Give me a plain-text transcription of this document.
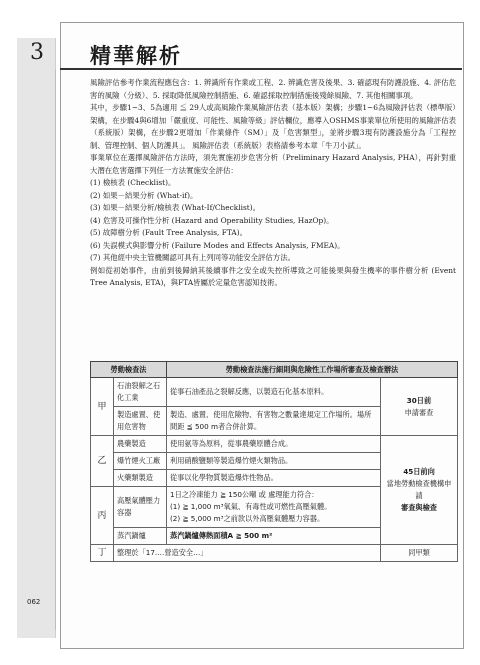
3 精華解析

風險評估參考作業流程應包含：1. 辨識所有作業或工程、2. 辨識危害及後果、3. 確認現有防護設施、4. 評估危害的風險（分級）、5. 採取降低風險控制措施、6. 確認採取控制措施後殘餘風險、7. 其他相關事項。

其中，步驟1~3、5為適用 ≦ 29人或高風險作業風險評估表（基本版）架構；步驟1~6為風險評估表（標準版）架構，在步驟4與6增加「嚴重度、可能性、風險等級」評估欄位，應導入OSHMS事業單位所使用的風險評估表（系統版）架構，在步驟2更增加「作業條件（SM）」及「危害類型」，並將步驟3現有防護設施分為「工程控制、管理控制、個人防護具」。 風險評估表（系統版）表格請參考本章「牛刀小試」。

事業單位在選擇風險評估方法時，須先實施初步危害分析（Preliminary Hazard Analysis, PHA），再針對重大潛在危害選擇下列任一方法實施安全評估：

(1) 檢核表 (Checklist)。

(2) 如果－結果分析 (What-if)。

(3) 如果－結果分析/檢核表 (What-If/Checklist)。

(4) 危害及可操作性分析 (Hazard and Operability Studies, HazOp)。

(5) 故障樹分析 (Fault Tree Analysis, FTA)。

(6) 失誤模式與影響分析 (Failure Modes and Effects Analysis, FMEA)。

(7) 其他經中央主管機關認可具有上列同等功能安全評估方法。

例如從初始事件，由前到後歸納其後續事件之安全或失控所導致之可能後果與發生機率的事件樹分析 (Event Tree Analysis, ETA)，與FTA皆屬於定量危害認知技術。

勞動檢查法		勞動檢查法施行細則與危險性工作場所審查及檢查辦法	
甲	石油裂解之石化工業	從事石油產品之裂解反應，以製造石化基本原料。	30日前
申請審查

	製造處置、使用危害物	製造、處置、使用危險物、有害物之數量達規定工作場所。場所間距 ≦ 500 m者合併計算。	
乙	農藥製造	使用氨等為原料，從事農藥原體合成。	45日前向
當地勞動檢查機構申請
審查與檢查

	爆竹煙火工廠	利用硝酸鹽類等製造爆竹煙火類物品。	
	火藥類製造	從事以化學物質製造爆炸性物品。	
丙	高壓氣體壓力容器	1日之冷凍能力 ≧ 150公噸 或 處理能力符合：
(1) ≧ 1,000 m³氧氣、有毒性或可燃性高壓氣體。
(2) ≧ 5,000 m³之前款以外高壓氣體壓力容器。	

	蒸汽鍋爐	蒸汽鍋爐傳熱面積A ≧ 500 m²	
丁	整理於「17.…營造安全…」		同甲類
062
